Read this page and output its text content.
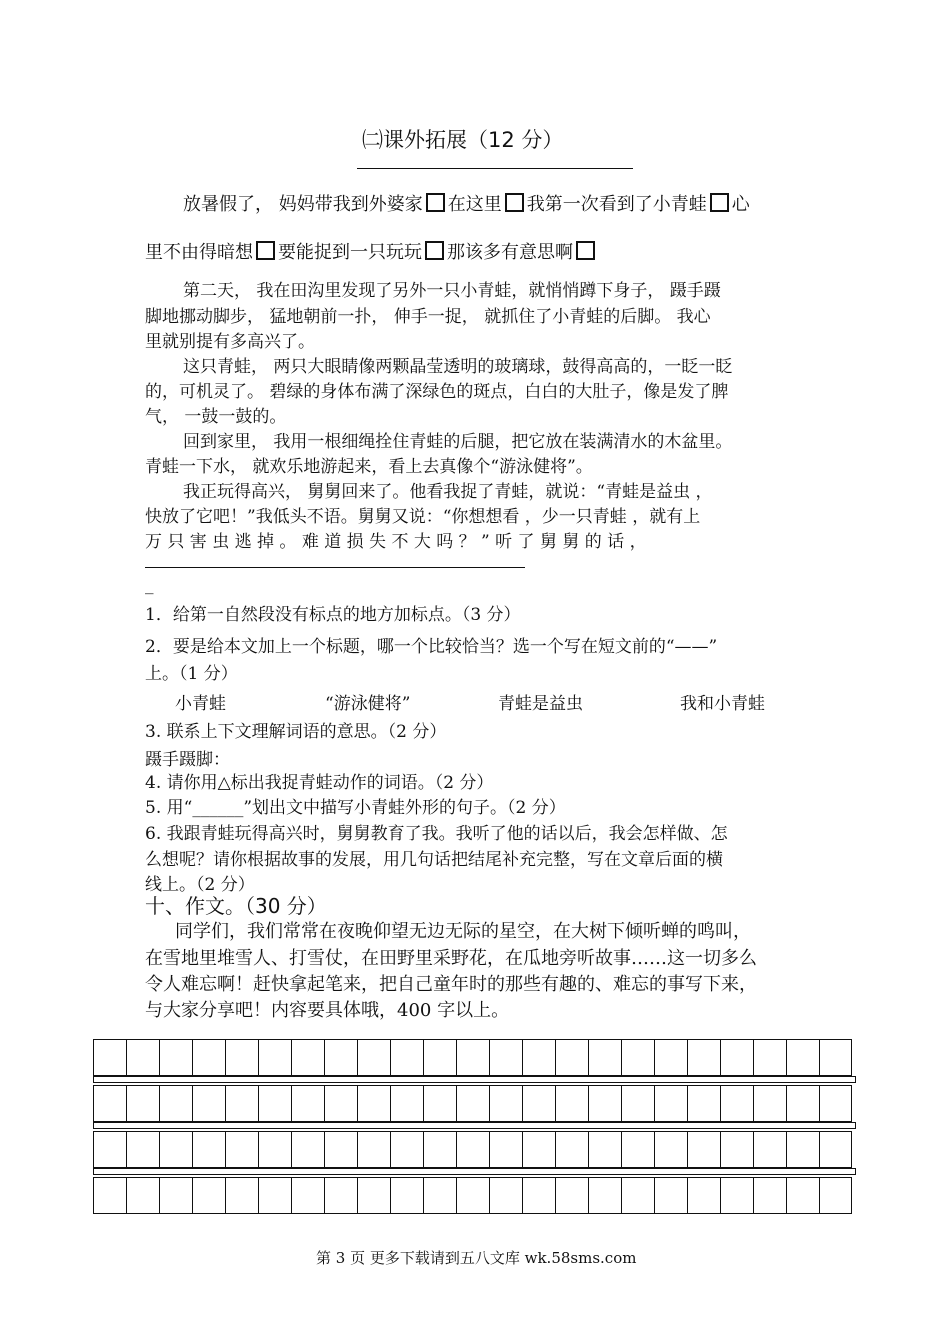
㈡课外拓展（12 分）
放暑假了， 妈妈带我到外婆家 在这里 我第一次看到了小青蛙 心
里不由得暗想 要能捉到一只玩玩 那该多有意思啊
第二天， 我在田沟里发现了另外一只小青蛙，就悄悄蹲下身子， 蹑手蹑
脚地挪动脚步， 猛地朝前一扑， 伸手一捉， 就抓住了小青蛙的后脚。 我心
里就别提有多高兴了。
这只青蛙， 两只大眼睛像两颗晶莹透明的玻璃球，鼓得高高的，一眨一眨
的，可机灵了。 碧绿的身体布满了深绿色的斑点，白白的大肚子，像是发了脾
气， 一鼓一鼓的。
回到家里， 我用一根细绳拴住青蛙的后腿，把它放在装满清水的木盆里。
青蛙一下水， 就欢乐地游起来，看上去真像个“游泳健将”。
我正玩得高兴， 舅舅回来了。他看我捉了青蛙，就说：“青蛙是益虫 ，
快放了它吧！”我低头不语。舅舅又说：“你想想看 ，少一只青蛙 ，就有上
万 只 害 虫 逃 掉 。 难 道 损 失 不 大 吗 ？ ” 听 了 舅 舅 的 话 ，
_
1．给第一自然段没有标点的地方加标点。（3 分）
2．要是给本文加上一个标题，哪一个比较恰当？选一个写在短文前的“——”
上。（1 分）
小青蛙	“游泳健将”	青蛙是益虫	我和小青蛙
3. 联系上下文理解词语的意思。（2 分）
蹑手蹑脚：
4. 请你用△标出我捉青蛙动作的词语。（2 分）
5. 用“______”划出文中描写小青蛙外形的句子。（2 分）
6. 我跟青蛙玩得高兴时，舅舅教育了我。我听了他的话以后，我会怎样做、怎
么想呢？请你根据故事的发展，用几句话把结尾补充完整，写在文章后面的横
线上。（2 分）
十、作文。（30 分）
同学们，我们常常在夜晚仰望无边无际的星空，在大树下倾听蝉的鸣叫，
在雪地里堆雪人、打雪仗，在田野里采野花，在瓜地旁听故事……这一切多么
令人难忘啊！赶快拿起笔来，把自己童年时的那些有趣的、难忘的事写下来，
与大家分享吧！内容要具体哦，400 字以上。
第 3 页 更多下载请到五八文库 wk.58sms.com
